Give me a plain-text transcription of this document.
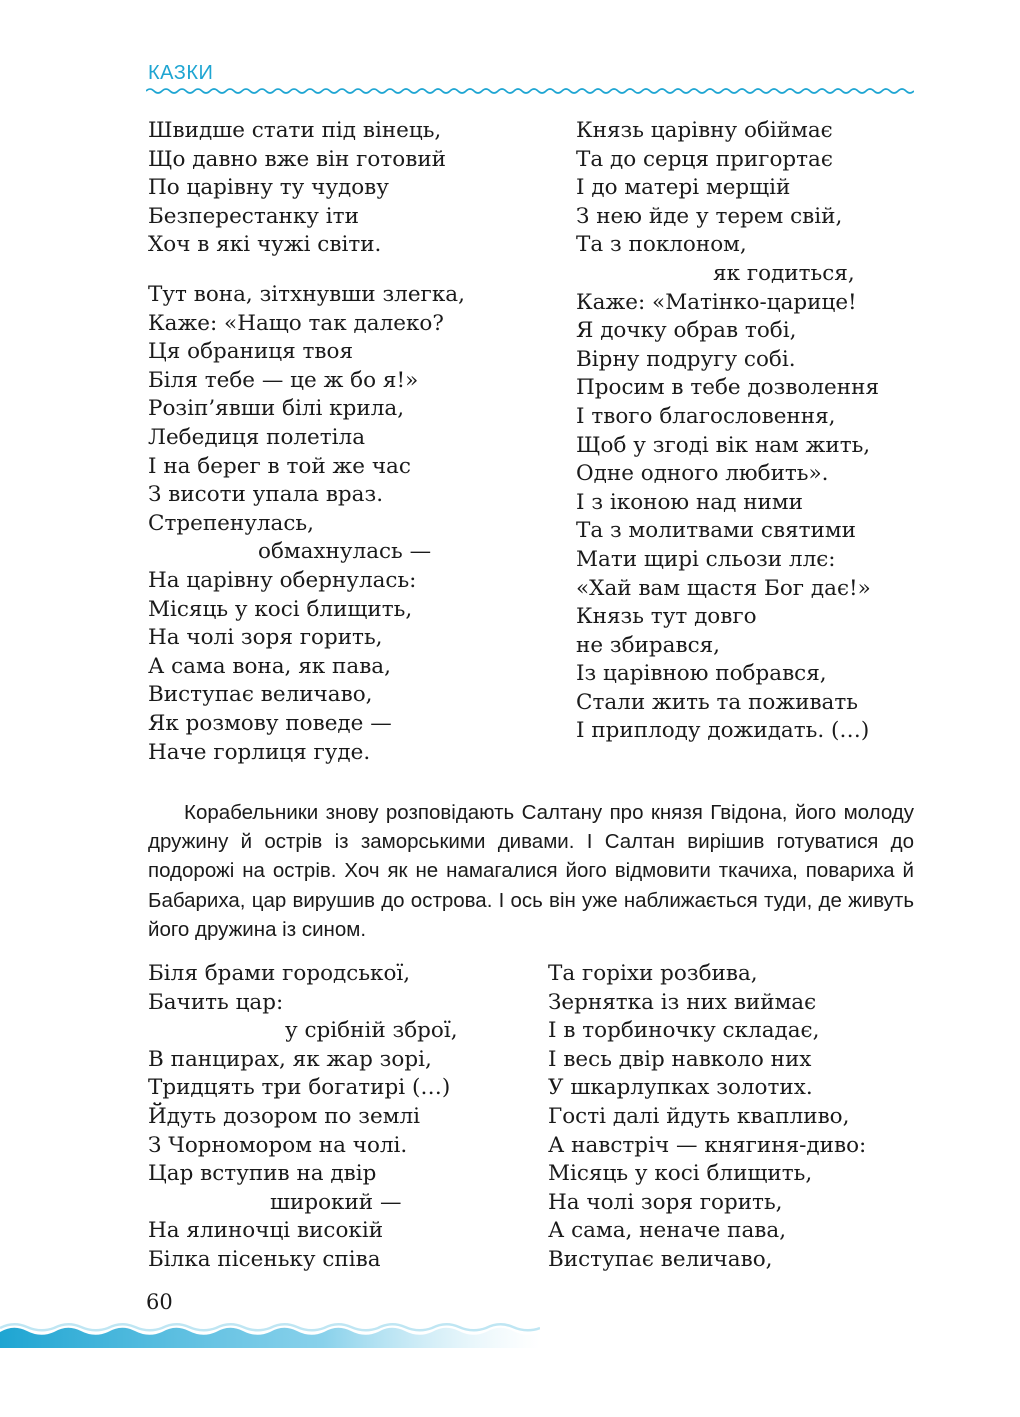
КАЗКИ
Швидше стати під вінець,
Що давно вже він готовий
По царівну ту чудову
Безперестанку іти
Хоч в які чужі світи.
Тут вона, зітхнувши злегка,
Каже: «Нащо так далеко?
Ця обраниця твоя
Біля тебе — це ж бо я!»
Розіп’явши білі крила,
Лебедиця полетіла
І на берег в той же час
З висоти упала враз.
Стрепенулась,
обмахнулась —
На царівну обернулась:
Місяць у косі блищить,
На чолі зоря горить,
А сама вона, як пава,
Виступає величаво,
Як розмову поведе —
Наче горлиця гуде.
Князь царівну обіймає
Та до серця пригортає
І до матері мерщій
З нею йде у терем свій,
Та з поклоном,
як годиться,
Каже: «Матінко-царице!
Я дочку обрав тобі,
Вірну подругу собі.
Просим в тебе дозволення
І твого благословення,
Щоб у згоді вік нам жить,
Одне одного любить».
І з іконою над ними
Та з молитвами святими
Мати щирі сльози ллє:
«Хай вам щастя Бог дає!»
Князь тут довго
не збирався,
Із царівною побрався,
Стали жить та поживать
І приплоду дожидать. (…)

Корабельники знову розповідають Салтану про князя Гвідона, його молоду дружину й острів із заморськими дивами. І Салтан вирішив готуватися до подорожі на острів. Хоч як не намагалися його відмовити ткачиха, повариха й Бабариха, цар вирушив до острова. І ось він уже наближається туди, де живуть його дружина із сином.

Біля брами городської,
Бачить цар:
у срібній зброї,
В панцирах, як жар зорі,
Тридцять три богатирі (…)
Йдуть дозором по землі
З Чорномором на чолі.
Цар вступив на двір
широкий —
На ялиночці високій
Білка пісеньку співа
Та горіхи розбива,
Зернятка із них виймає
І в торбиночку складає,
І весь двір навколо них
У шкарлупках золотих.
Гості далі йдуть квапливо,
А навстріч — княгиня-диво:
Місяць у косі блищить,
На чолі зоря горить,
А сама, неначе пава,
Виступає величаво,
60
